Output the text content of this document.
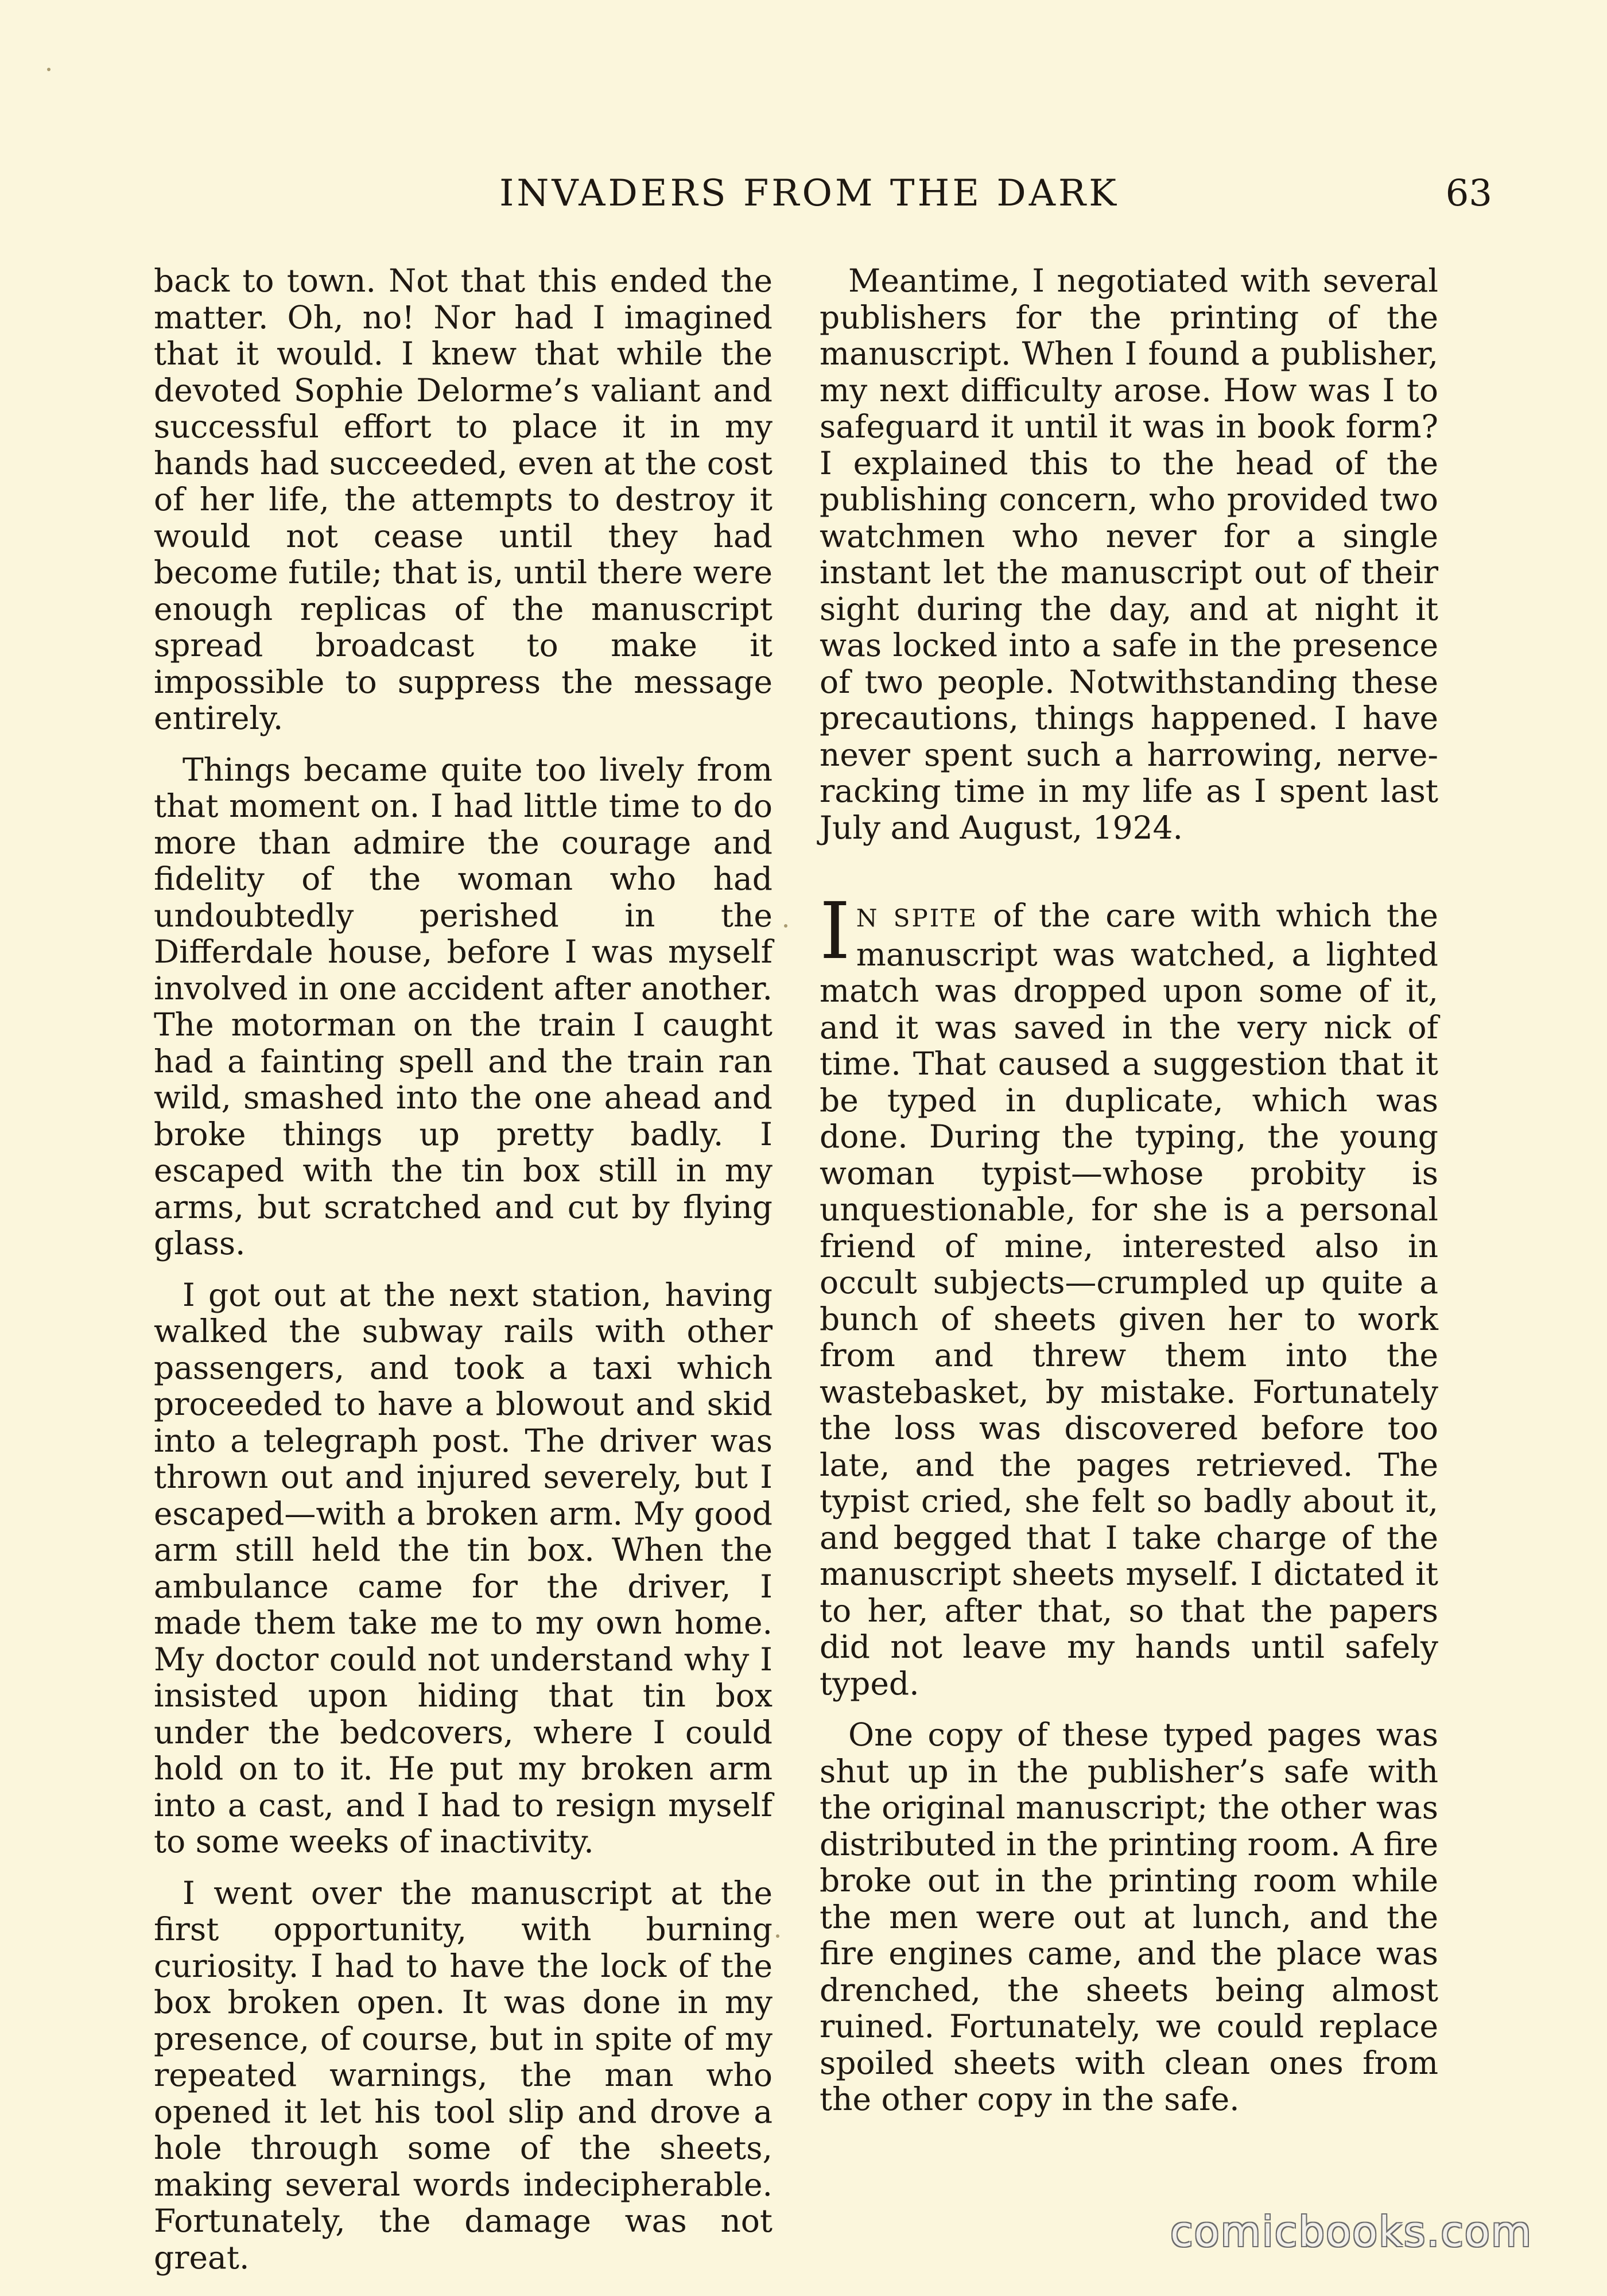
INVADERS FROM THE DARK	63

back to town. Not that this ended the matter. Oh, no! Nor had I imagined that it would. I knew that while the devoted Sophie Delorme’s valiant and successful effort to place it in my hands had succeeded, even at the cost of her life, the attempts to destroy it would not cease until they had become futile; that is, until there were enough replicas of the manuscript spread broadcast to make it impossible to suppress the message entirely.

Things became quite too lively from that moment on. I had little time to do more than admire the courage and fidelity of the woman who had undoubtedly perished in the Differdale house, before I was myself involved in one accident after another. The motorman on the train I caught had a fainting spell and the train ran wild, smashed into the one ahead and broke things up pretty badly. I escaped with the tin box still in my arms, but scratched and cut by flying glass.

I got out at the next station, having walked the subway rails with other passengers, and took a taxi which proceeded to have a blowout and skid into a telegraph post. The driver was thrown out and injured severely, but I escaped—with a broken arm. My good arm still held the tin box. When the ambulance came for the driver, I made them take me to my own home. My doctor could not understand why I insisted upon hiding that tin box under the bedcovers, where I could hold on to it. He put my broken arm into a cast, and I had to resign myself to some weeks of inactivity.

I went over the manuscript at the first opportunity, with burning curiosity. I had to have the lock of the box broken open. It was done in my presence, of course, but in spite of my repeated warnings, the man who opened it let his tool slip and drove a hole through some of the sheets, making several words indecipherable. Fortunately, the damage was not great.

Meantime, I negotiated with several publishers for the printing of the manuscript. When I found a publisher, my next difficulty arose. How was I to safeguard it until it was in book form? I explained this to the head of the publishing concern, who provided two watchmen who never for a single instant let the manuscript out of their sight during the day, and at night it was locked into a safe in the presence of two people. Notwithstanding these precautions, things happened. I have never spent such a harrowing, nerve-racking time in my life as I spent last July and August, 1924.

I N SPITE of the care with which the manuscript was watched, a lighted match was dropped upon some of it, and it was saved in the very nick of time. That caused a suggestion that it be typed in duplicate, which was done. During the typing, the young woman typist—whose probity is unquestionable, for she is a personal friend of mine, interested also in occult subjects—crumpled up quite a bunch of sheets given her to work from and threw them into the wastebasket, by mistake. Fortunately the loss was discovered before too late, and the pages retrieved. The typist cried, she felt so badly about it, and begged that I take charge of the manuscript sheets myself. I dictated it to her, after that, so that the papers did not leave my hands until safely typed.

One copy of these typed pages was shut up in the publisher’s safe with the original manuscript; the other was distributed in the printing room. A fire broke out in the printing room while the men were out at lunch, and the fire engines came, and the place was drenched, the sheets being almost ruined. Fortunately, we could replace spoiled sheets with clean ones from the other copy in the safe.

comicbooks.com
